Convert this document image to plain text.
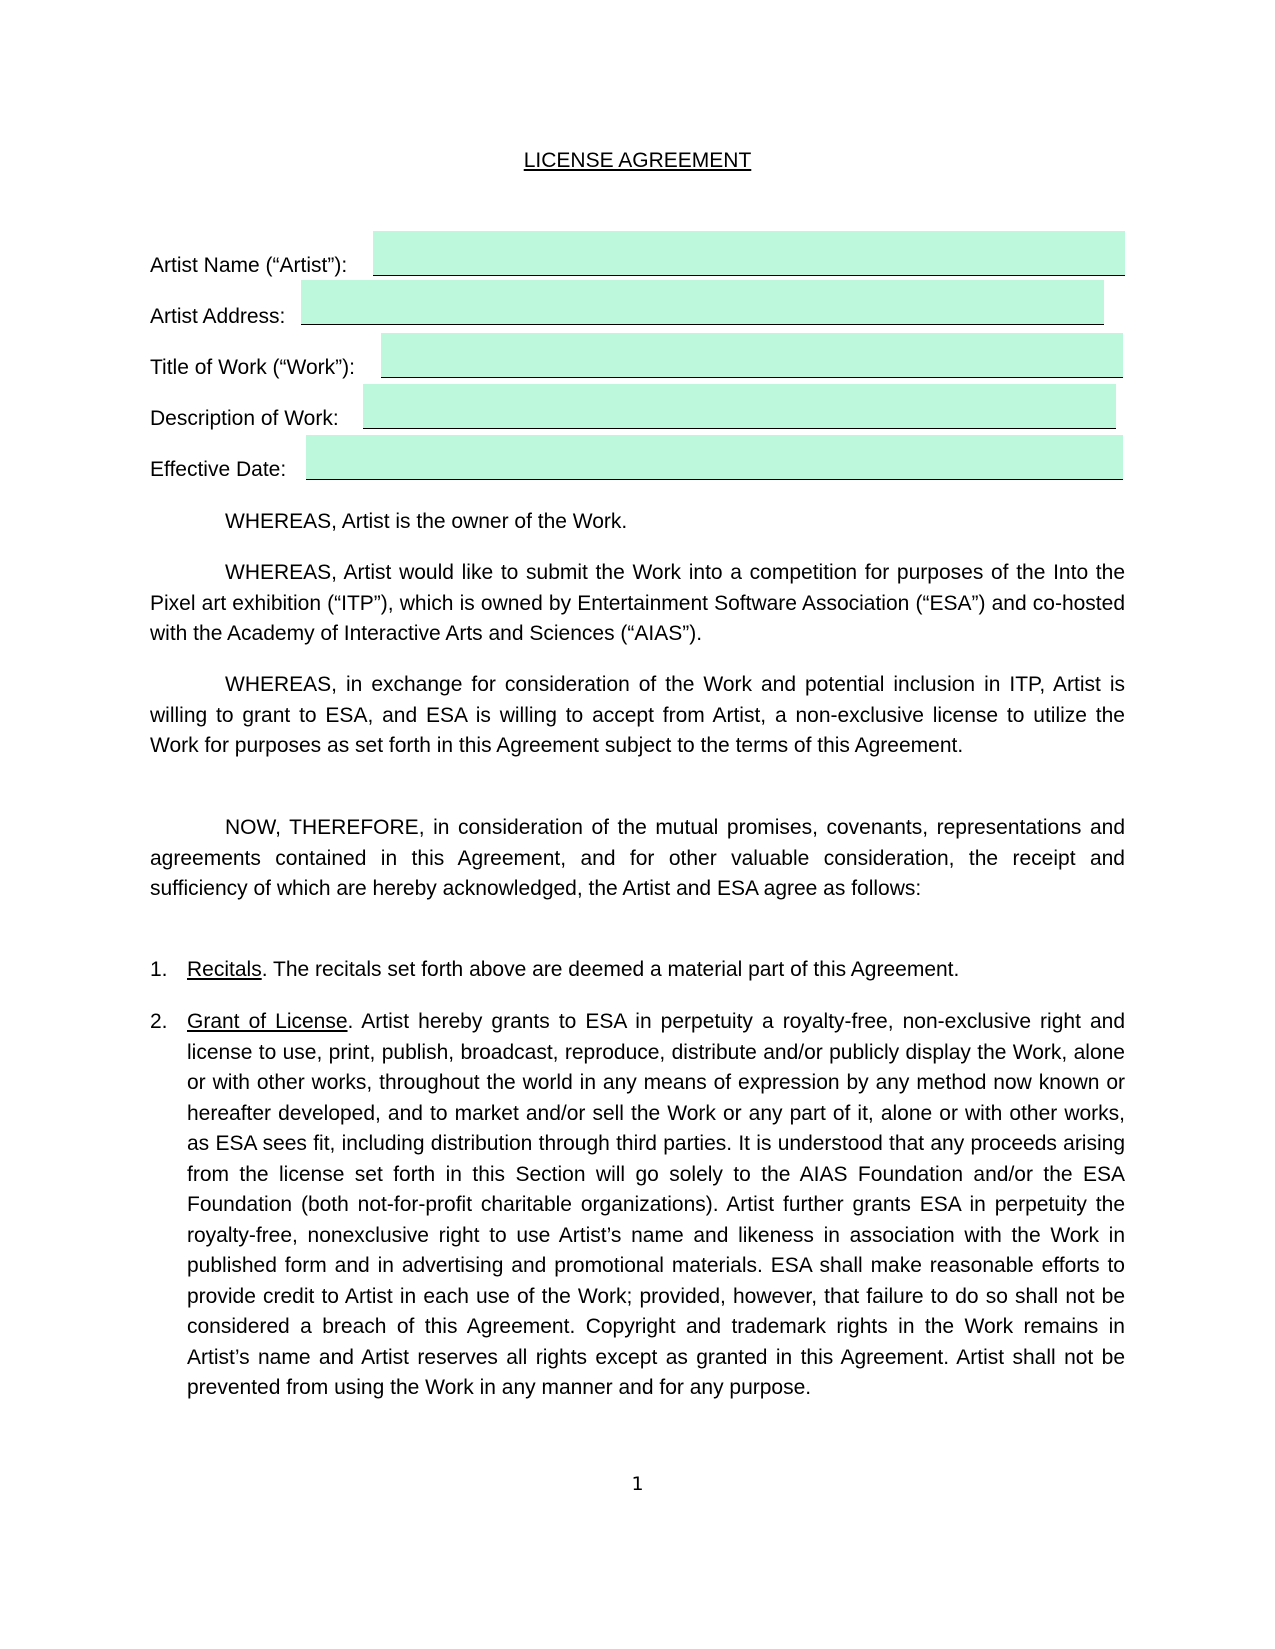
LICENSE AGREEMENT
Artist Name (“Artist”):
Artist Address:
Title of Work (“Work”):
Description of Work:
Effective Date:
WHEREAS, Artist is the owner of the Work.
WHEREAS, Artist would like to submit the Work into a competition for purposes of the Into the Pixel art exhibition (“ITP”), which is owned by Entertainment Software Association (“ESA”) and co-hosted with the Academy of Interactive Arts and Sciences (“AIAS”).
WHEREAS, in exchange for consideration of the Work and potential inclusion in ITP, Artist is willing to grant to ESA, and ESA is willing to accept from Artist, a non-exclusive license to utilize the Work for purposes as set forth in this Agreement subject to the terms of this Agreement.
NOW, THEREFORE, in consideration of the mutual promises, covenants, representations and agreements contained in this Agreement, and for other valuable consideration, the receipt and sufficiency of which are hereby acknowledged, the Artist and ESA agree as follows:
1. Recitals. The recitals set forth above are deemed a material part of this Agreement.
2. Grant of License. Artist hereby grants to ESA in perpetuity a royalty-free, non-exclusive right and license to use, print, publish, broadcast, reproduce, distribute and/or publicly display the Work, alone or with other works, throughout the world in any means of expression by any method now known or hereafter developed, and to market and/or sell the Work or any part of it, alone or with other works, as ESA sees fit, including distribution through third parties. It is understood that any proceeds arising from the license set forth in this Section will go solely to the AIAS Foundation and/or the ESA Foundation (both not-for-profit charitable organizations). Artist further grants ESA in perpetuity the royalty-free, nonexclusive right to use Artist’s name and likeness in association with the Work in published form and in advertising and promotional materials. ESA shall make reasonable efforts to provide credit to Artist in each use of the Work; provided, however, that failure to do so shall not be considered a breach of this Agreement. Copyright and trademark rights in the Work remains in Artist’s name and Artist reserves all rights except as granted in this Agreement. Artist shall not be prevented from using the Work in any manner and for any purpose.
1
